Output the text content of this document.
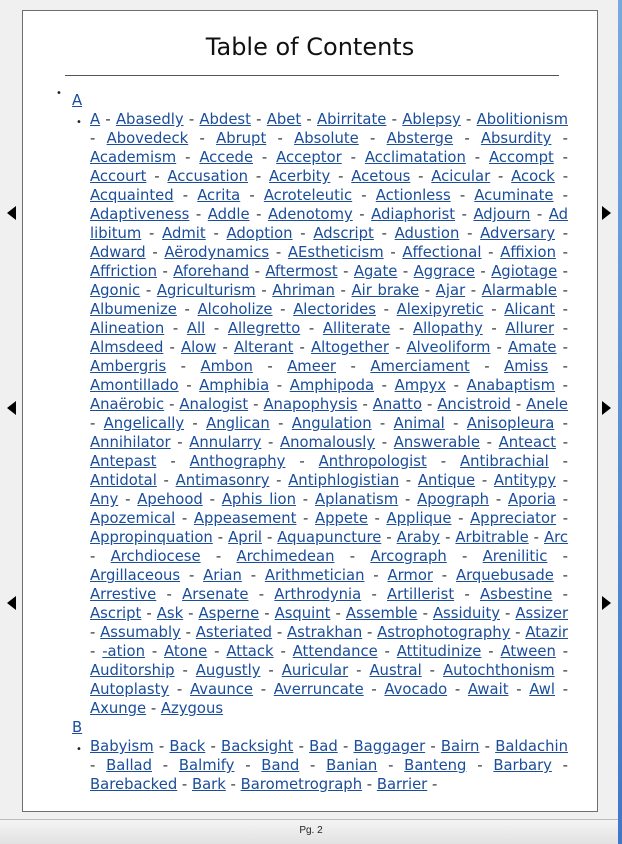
Table of Contents
• A
• A - Abasedly - Abdest - Abet - Abirritate - Ablepsy - Abolitionism - Abovedeck - Abrupt - Absolute - Absterge - Absurdity - Academism - Accede - Acceptor - Acclimatation - Accompt - Accourt - Accusation - Acerbity - Acetous - Acicular - Acock - Acquainted - Acrita - Acroteleutic - Actionless - Acuminate - Adaptiveness - Addle - Adenotomy - Adiaphorist - Adjourn - Ad libitum - Admit - Adoption - Adscript - Adustion - Adversary - Adward - Aërodynamics - AEstheticism - Affectional - Affixion - Affriction - Aforehand - Aftermost - Agate - Aggrace - Agiotage - Agonic - Agriculturism - Ahriman - Air brake - Ajar - Alarmable - Albumenize - Alcoholize - Alectorides - Alexipyretic - Alicant - Alineation - All - Allegretto - Alliterate - Allopathy - Allurer - Almsdeed - Alow - Alterant - Altogether - Alveoliform - Amate - Ambergris - Ambon - Ameer - Amerciament - Amiss - Amontillado - Amphibia - Amphipoda - Ampyx - Anabaptism - Anaërobic - Analogist - Anapophysis - Anatto - Ancistroid - Anele - Angelically - Anglican - Angulation - Animal - Anisopleura - Annihilator - Annularry - Anomalously - Answerable - Anteact - Antepast - Anthography - Anthropologist - Antibrachial - Antidotal - Antimasonry - Antiphlogistian - Antique - Antitypy - Any - Apehood - Aphis lion - Aplanatism - Apograph - Aporia - Apozemical - Appeasement - Appete - Applique - Appreciator - Appropinquation - April - Aquapuncture - Araby - Arbitrable - Arc - Archdiocese - Archimedean - Arcograph - Arenilitic - Argillaceous - Arian - Arithmetician - Armor - Arquebusade - Arrestive - Arsenate - Arthrodynia - Artillerist - Asbestine - Ascript - Ask - Asperne - Asquint - Assemble - Assiduity - Assizer - Assumably - Asteriated - Astrakhan - Astrophotography - Atazir - -ation - Atone - Attack - Attendance - Attitudinize - Atween - Auditorship - Augustly - Auricular - Austral - Autochthonism - Autoplasty - Avaunce - Averruncate - Avocado - Await - Awl - Axunge - Azygous
B
• Babyism - Back - Backsight - Bad - Baggager - Bairn - Baldachin - Ballad - Balmify - Band - Banian - Banteng - Barbary - Barebacked - Bark - Barometrograph - Barrier -
Pg. 2
